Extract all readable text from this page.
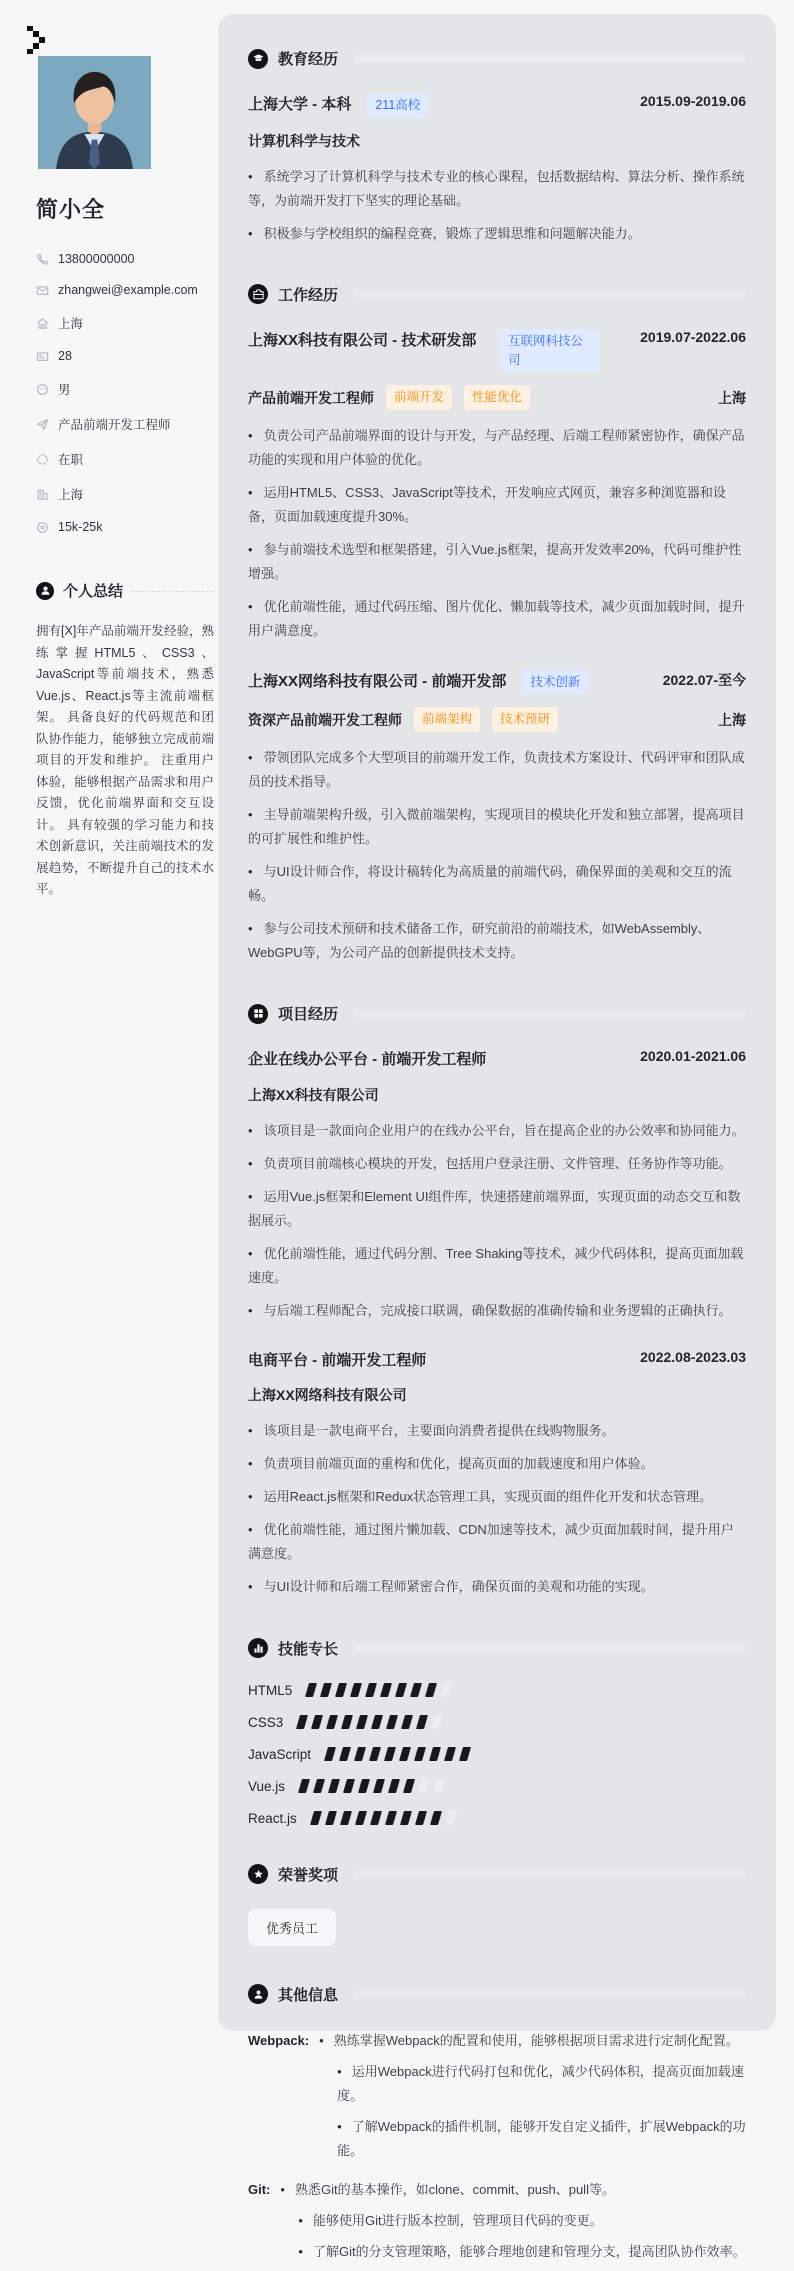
简小全
13800000000
zhangwei@example.com
上海
28
男
产品前端开发工程师
在职
上海
15k-25k
个人总结

拥有[X]年产品前端开发经验，熟练掌握HTML5、CSS3、JavaScript等前端技术，熟悉Vue.js、React.js等主流前端框架。 具备良好的代码规范和团队协作能力，能够独立完成前端项目的开发和维护。 注重用户体验，能够根据产品需求和用户反馈，优化前端界面和交互设计。 具有较强的学习能力和技术创新意识，关注前端技术的发展趋势，不断提升自己的技术水平。

教育经历
上海大学 - 本科	211高校	2015.09-2019.06
计算机科学与技术
• 系统学习了计算机科学与技术专业的核心课程，包括数据结构、算法分析、操作系统等，为前端开发打下坚实的理论基础。
• 积极参与学校组织的编程竞赛，锻炼了逻辑思维和问题解决能力。
工作经历
上海XX科技有限公司 - 技术研发部	互联网科技公司
2019.07-2022.06
产品前端开发工程师	前端开发	性能优化	上海
• 负责公司产品前端界面的设计与开发，与产品经理、后端工程师紧密协作，确保产品功能的实现和用户体验的优化。
• 运用HTML5、CSS3、JavaScript等技术，开发响应式网页，兼容多种浏览器和设备，页面加载速度提升30%。
• 参与前端技术选型和框架搭建，引入Vue.js框架，提高开发效率20%，代码可维护性增强。
• 优化前端性能，通过代码压缩、图片优化、懒加载等技术，减少页面加载时间，提升用户满意度。
上海XX网络科技有限公司 - 前端开发部	技术创新	2022.07-至今
资深产品前端开发工程师	前端架构	技术预研	上海
• 带领团队完成多个大型项目的前端开发工作，负责技术方案设计、代码评审和团队成员的技术指导。
• 主导前端架构升级，引入微前端架构，实现项目的模块化开发和独立部署，提高项目的可扩展性和维护性。
• 与UI设计师合作，将设计稿转化为高质量的前端代码，确保界面的美观和交互的流畅。
• 参与公司技术预研和技术储备工作，研究前沿的前端技术，如WebAssembly、WebGPU等，为公司产品的创新提供技术支持。
项目经历
企业在线办公平台 - 前端开发工程师	2020.01-2021.06
上海XX科技有限公司
• 该项目是一款面向企业用户的在线办公平台，旨在提高企业的办公效率和协同能力。
• 负责项目前端核心模块的开发，包括用户登录注册、文件管理、任务协作等功能。
• 运用Vue.js框架和Element UI组件库，快速搭建前端界面，实现页面的动态交互和数据展示。
• 优化前端性能，通过代码分割、Tree Shaking等技术，减少代码体积，提高页面加载速度。
• 与后端工程师配合，完成接口联调，确保数据的准确传输和业务逻辑的正确执行。
电商平台 - 前端开发工程师	2022.08-2023.03
上海XX网络科技有限公司
• 该项目是一款电商平台，主要面向消费者提供在线购物服务。
• 负责项目前端页面的重构和优化，提高页面的加载速度和用户体验。
• 运用React.js框架和Redux状态管理工具，实现页面的组件化开发和状态管理。
• 优化前端性能，通过图片懒加载、CDN加速等技术，减少页面加载时间，提升用户满意度。
• 与UI设计师和后端工程师紧密合作，确保页面的美观和功能的实现。
技能专长
HTML5
CSS3
JavaScript
Vue.js
React.js
荣誉奖项
优秀员工
其他信息
Webpack:	• 熟练掌握Webpack的配置和使用，能够根据项目需求进行定制化配置。
• 运用Webpack进行代码打包和优化，减少代码体积，提高页面加载速度。
• 了解Webpack的插件机制，能够开发自定义插件，扩展Webpack的功能。
Git:	• 熟悉Git的基本操作，如clone、commit、push、pull等。
• 能够使用Git进行版本控制，管理项目代码的变更。
• 了解Git的分支管理策略，能够合理地创建和管理分支，提高团队协作效率。
